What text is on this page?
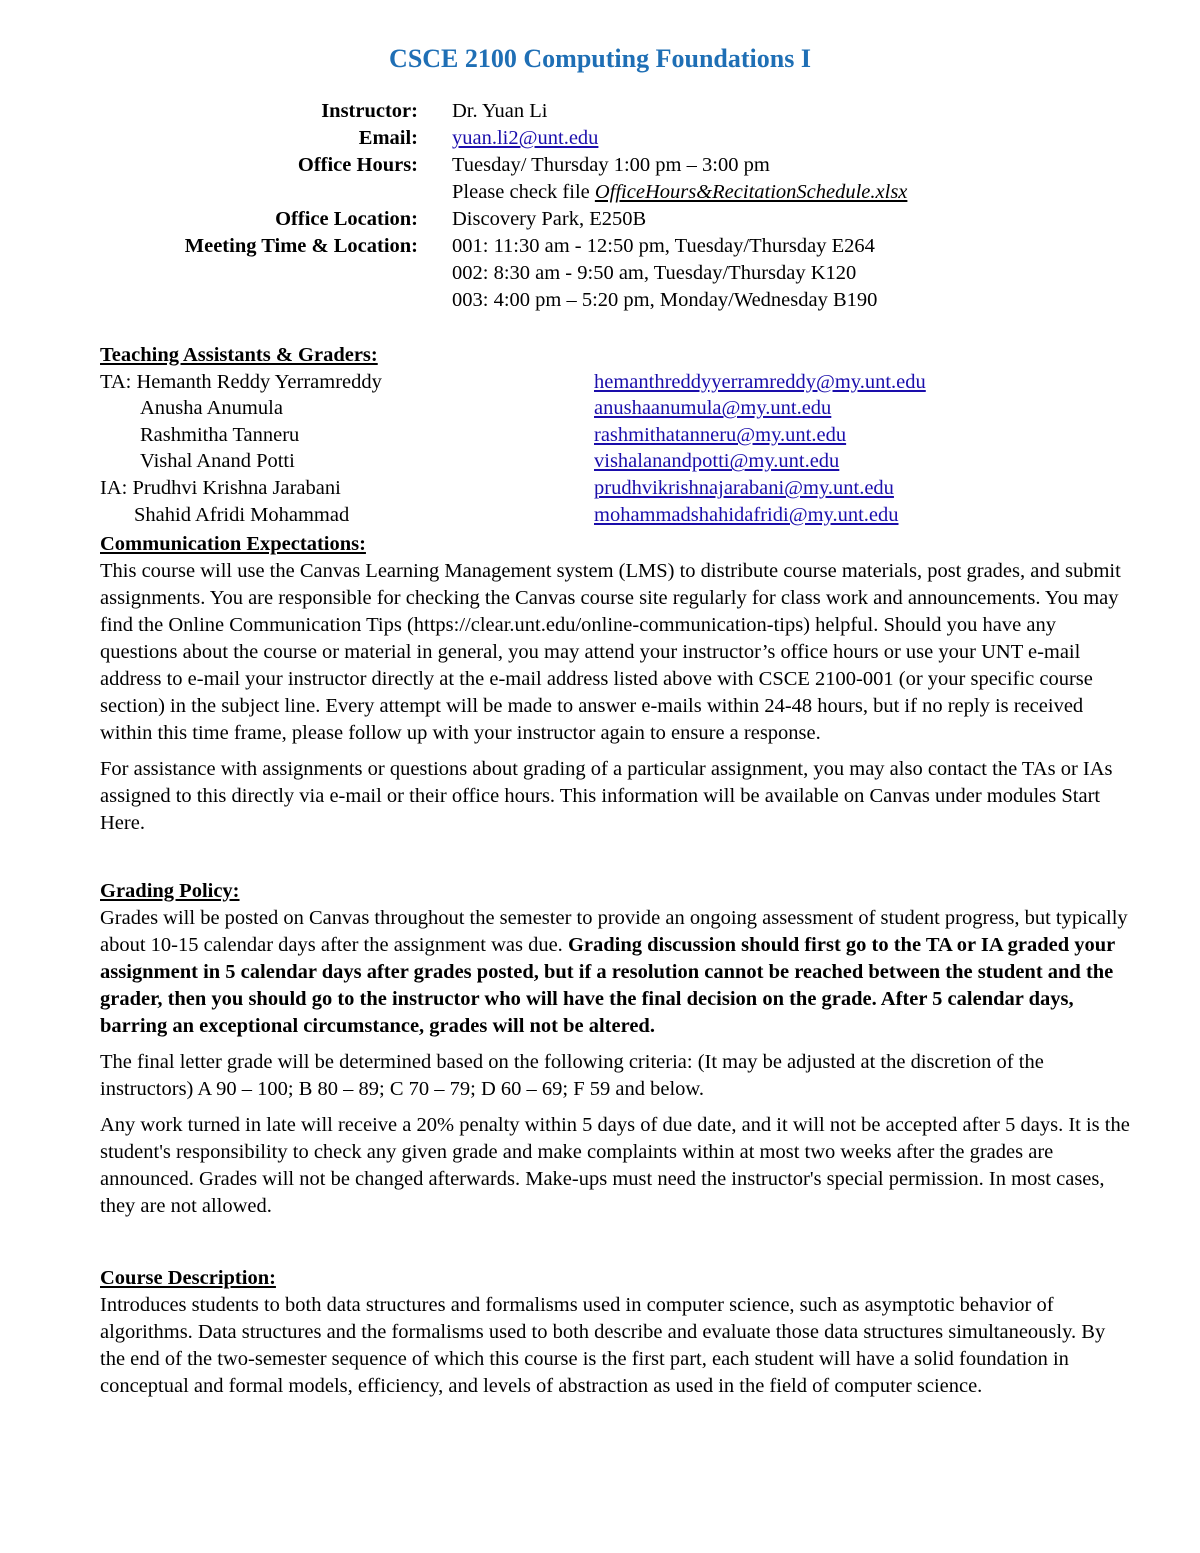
CSCE 2100 Computing Foundations I
Instructor: Dr. Yuan Li
Email: yuan.li2@unt.edu
Office Hours: Tuesday/ Thursday 1:00 pm – 3:00 pm
Please check file OfficeHours&RecitationSchedule.xlsx
Office Location: Discovery Park, E250B
Meeting Time & Location: 001: 11:30 am - 12:50 pm, Tuesday/Thursday E264
002: 8:30 am - 9:50 am, Tuesday/Thursday K120
003: 4:00 pm – 5:20 pm, Monday/Wednesday B190
Teaching Assistants & Graders:
TA: Hemanth Reddy Yerramreddy	hemanthreddyyerramreddy@my.unt.edu
Anusha Anumula	anushaanumula@my.unt.edu
Rashmitha Tanneru	rashmithatanneru@my.unt.edu
Vishal Anand Potti	vishalanandpotti@my.unt.edu
IA: Prudhvi Krishna Jarabani	prudhvikrishnajarabani@my.unt.edu
Shahid Afridi Mohammad	mohammadshahidafridi@my.unt.edu
Communication Expectations:

This course will use the Canvas Learning Management system (LMS) to distribute course materials, post grades, and submit assignments. You are responsible for checking the Canvas course site regularly for class work and announcements. You may find the Online Communication Tips (https://clear.unt.edu/online-communication-tips) helpful. Should you have any questions about the course or material in general, you may attend your instructor’s office hours or use your UNT e-mail address to e-mail your instructor directly at the e-mail address listed above with CSCE 2100-001 (or your specific course section) in the subject line. Every attempt will be made to answer e-mails within 24-48 hours, but if no reply is received within this time frame, please follow up with your instructor again to ensure a response.

For assistance with assignments or questions about grading of a particular assignment, you may also contact the TAs or IAs assigned to this directly via e-mail or their office hours. This information will be available on Canvas under modules Start Here.

Grading Policy:

Grades will be posted on Canvas throughout the semester to provide an ongoing assessment of student progress, but typically about 10-15 calendar days after the assignment was due. Grading discussion should first go to the TA or IA graded your assignment in 5 calendar days after grades posted, but if a resolution cannot be reached between the student and the grader, then you should go to the instructor who will have the final decision on the grade. After 5 calendar days, barring an exceptional circumstance, grades will not be altered.

The final letter grade will be determined based on the following criteria: (It may be adjusted at the discretion of the instructors) A 90 – 100; B 80 – 89; C 70 – 79; D 60 – 69; F 59 and below.

Any work turned in late will receive a 20% penalty within 5 days of due date, and it will not be accepted after 5 days. It is the student's responsibility to check any given grade and make complaints within at most two weeks after the grades are announced. Grades will not be changed afterwards. Make-ups must need the instructor's special permission. In most cases, they are not allowed.

Course Description:

Introduces students to both data structures and formalisms used in computer science, such as asymptotic behavior of algorithms. Data structures and the formalisms used to both describe and evaluate those data structures simultaneously. By the end of the two-semester sequence of which this course is the first part, each student will have a solid foundation in conceptual and formal models, efficiency, and levels of abstraction as used in the field of computer science.
